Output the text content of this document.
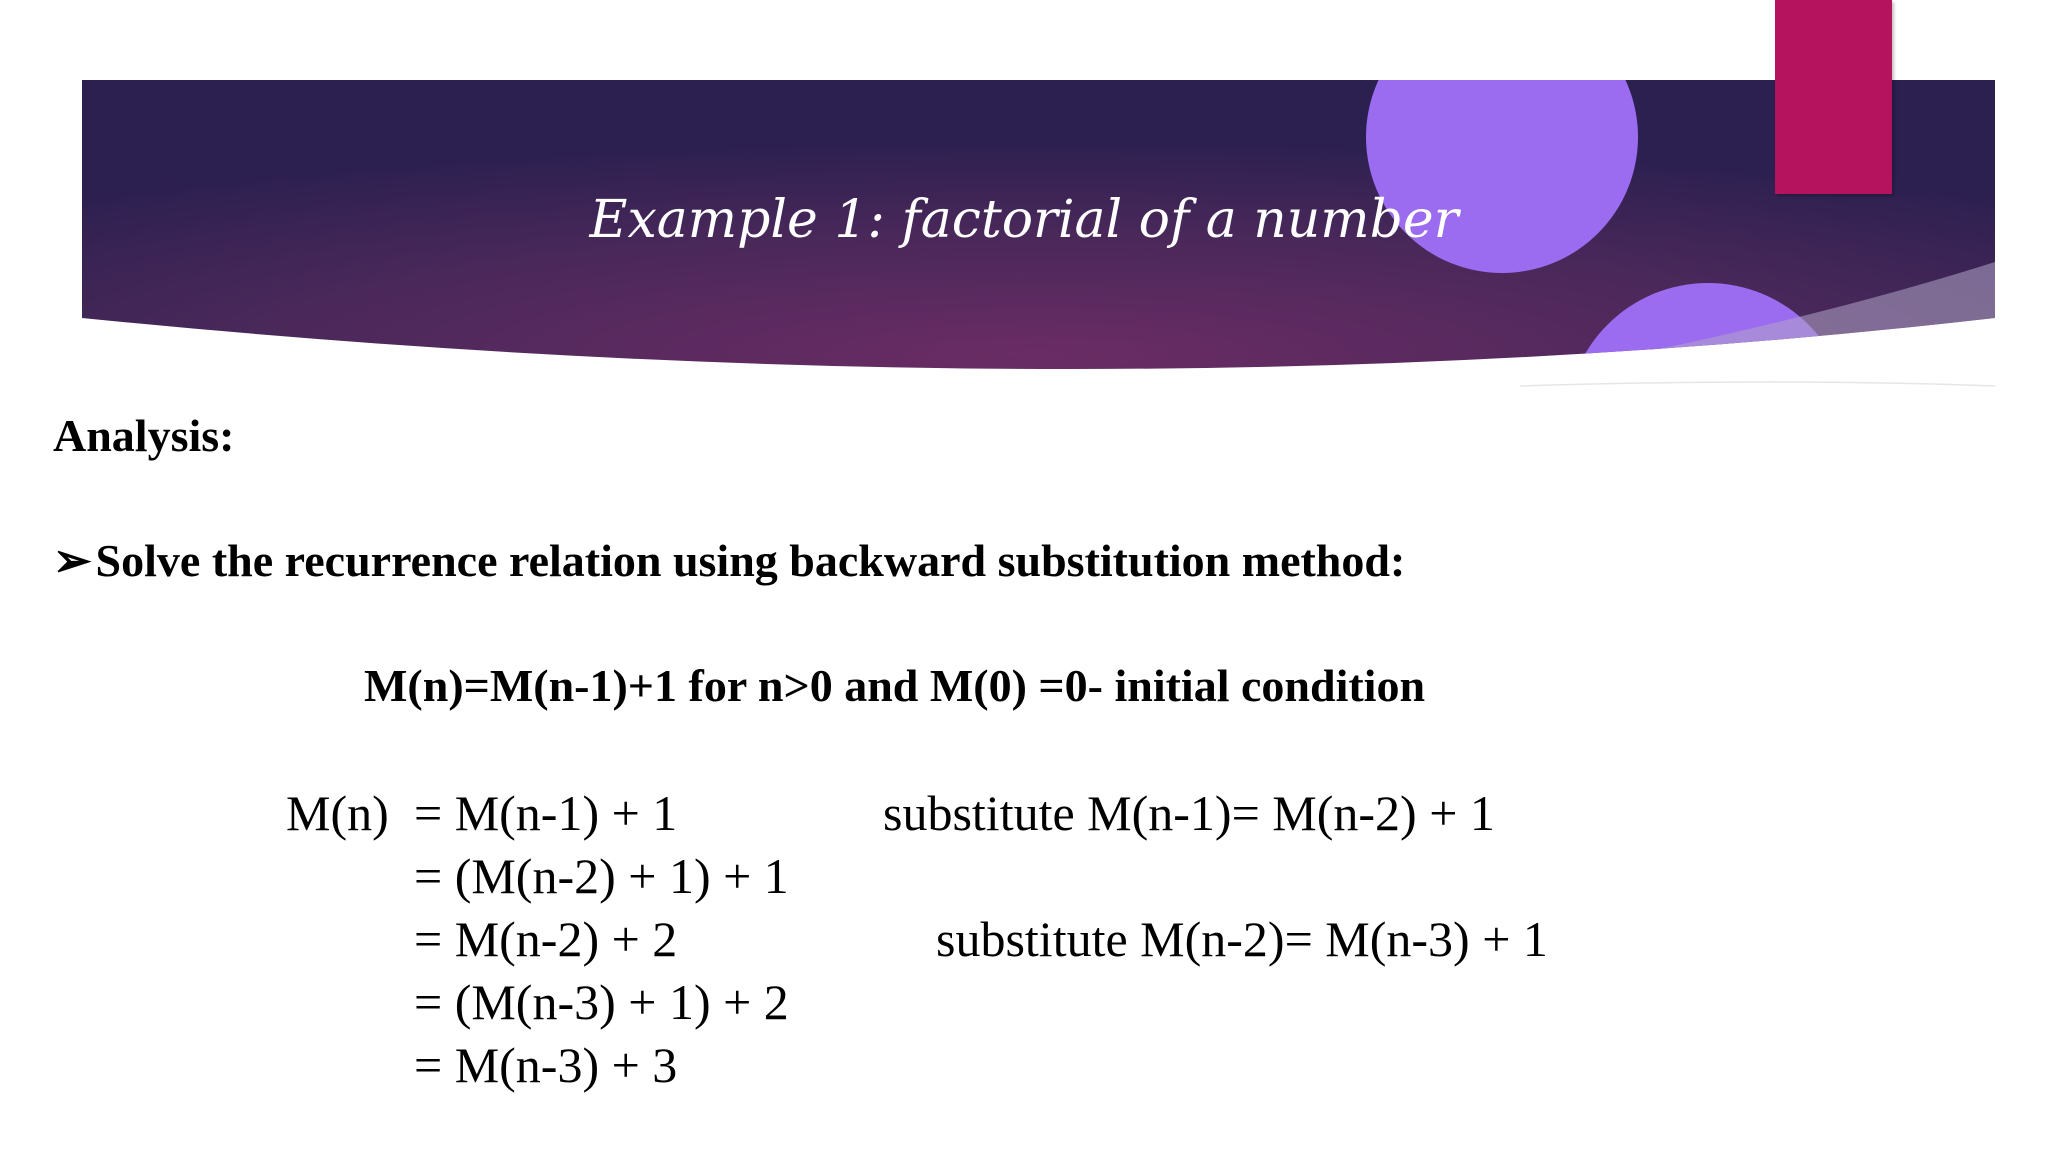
Example 1: factorial of a number
Analysis:
➢Solve the recurrence relation using backward substitution method:
M(n)=M(n-1)+1 for n>0 and M(0) =0- initial condition
M(n) = M(n-1) + 1
= (M(n-2) + 1) + 1
= M(n-2) + 2
= (M(n-3) + 1) + 2
= M(n-3) + 3
substitute M(n-1)= M(n-2) + 1
substitute M(n-2)= M(n-3) + 1
